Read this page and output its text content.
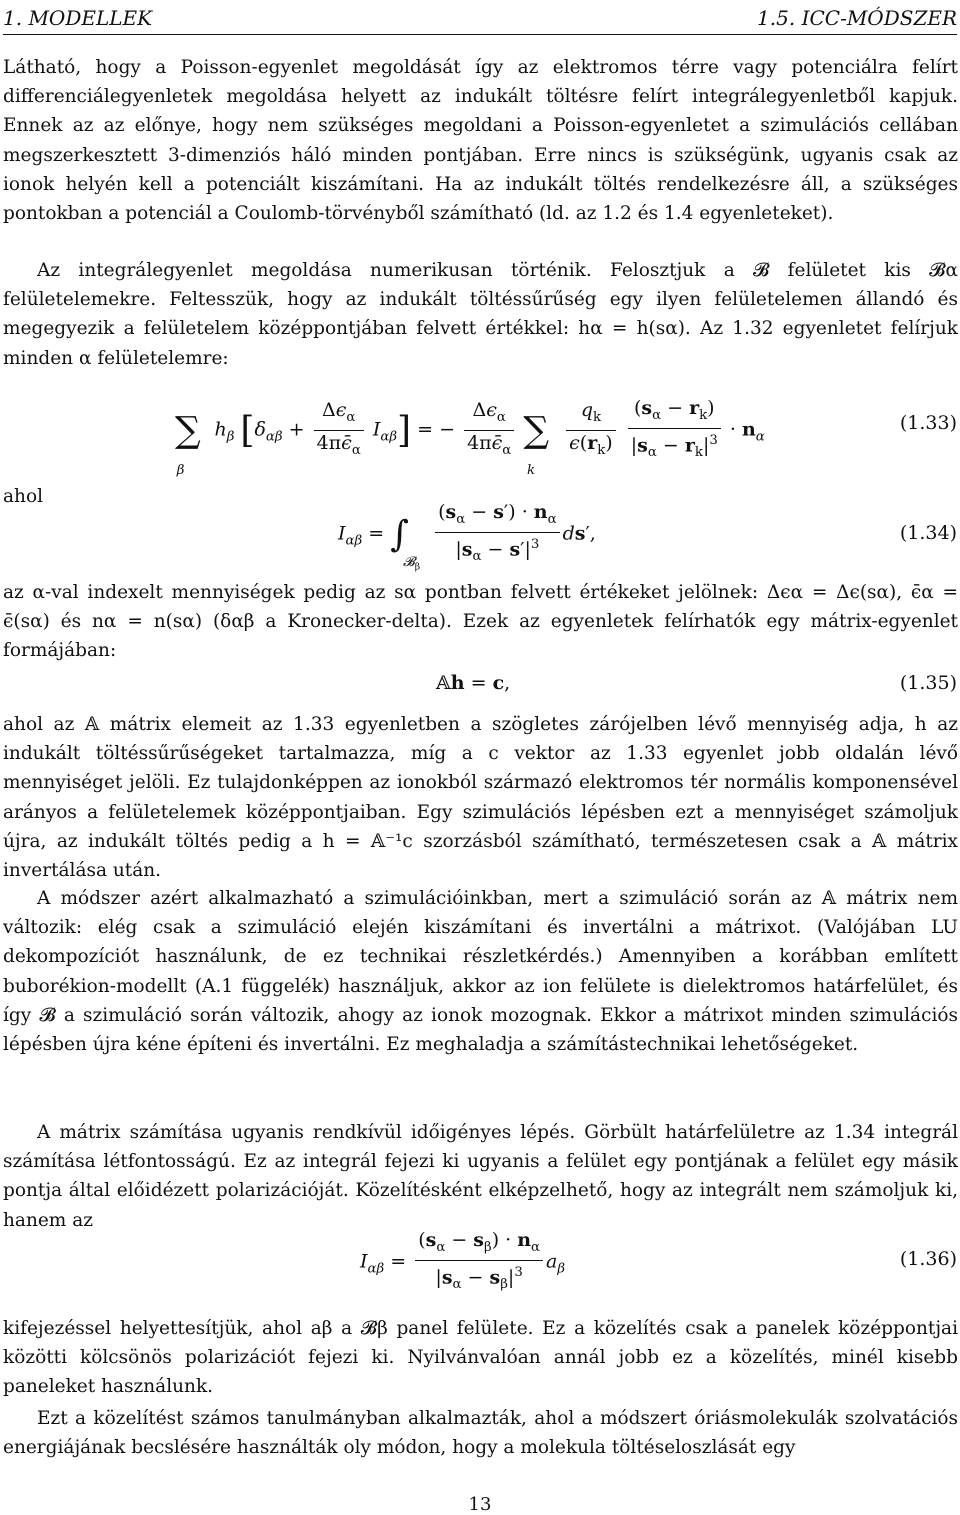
1. MODELLEK	1.5. ICC-MÓDSZER

Látható, hogy a Poisson-egyenlet megoldását így az elektromos térre vagy potenciálra felírt differenciálegyenletek megoldása helyett az indukált töltésre felírt integrálegyenletből kapjuk. Ennek az az előnye, hogy nem szükséges megoldani a Poisson-egyenletet a szimulációs cellában megszerkesztett 3-dimenziós háló minden pontjában. Erre nincs is szükségünk, ugyanis csak az ionok helyén kell a potenciált kiszámítani. Ha az indukált töltés rendelkezésre áll, a szükséges pontokban a potenciál a Coulomb-törvényből számítható (ld. az 1.2 és 1.4 egyenleteket).

Az integrálegyenlet megoldása numerikusan történik. Felosztjuk a 𝓑 felületet kis 𝓑α felületelemekre. Feltesszük, hogy az indukált töltéssűrűség egy ilyen felületelemen állandó és megegyezik a felületelem középpontjában felvett értékkel: hα = h(sα). Az 1.32 egyenletet felírjuk minden α felületelemre:

$\sum_\beta$ $h_\beta$ $[\delta_{\alpha\beta} + \frac{\Delta\epsilon_\alpha}{4\pi\epsilon̄_\alpha} I_{\alpha\beta}]$ = − $\frac{\Delta\epsilon_\alpha}{4\pi\epsilon̄_\alpha} \sum_k$
$\frac{q_k}{\epsilon(r_k)}$
$\frac{(s_\alpha - r_k)}{|s_\alpha - r_k|^3} \cdot n_\alpha$
(1.33)

ahol

$I_{\alpha\beta} = \int_{𝓑_\beta} \frac{(s_\alpha - s') \cdot n_\alpha}{|s_\alpha - s'|^3} ds'$,	(1.34)

az α-val indexelt mennyiségek pedig az sα pontban felvett értékeket jelölnek: Δϵα = Δϵ(sα), ϵ̄α = ϵ̄(sα) és nα = n(sα) (δαβ a Kronecker-delta). Ezek az egyenletek felírhatók egy mátrix-egyenlet formájában:

𝔸h = c,	(1.35)

ahol az 𝔸 mátrix elemeit az 1.33 egyenletben a szögletes zárójelben lévő mennyiség adja, h az indukált töltéssűrűségeket tartalmazza, míg a c vektor az 1.33 egyenlet jobb oldalán lévő mennyiséget jelöli. Ez tulajdonképpen az ionokból származó elektromos tér normális komponensével arányos a felületelemek középpontjaiban. Egy szimulációs lépésben ezt a mennyiséget számoljuk újra, az indukált töltés pedig a h = 𝔸⁻¹c szorzásból számítható, természetesen csak a 𝔸 mátrix invertálása után.

A módszer azért alkalmazható a szimulációinkban, mert a szimuláció során az 𝔸 mátrix nem változik: elég csak a szimuláció elején kiszámítani és invertálni a mátrixot. (Valójában LU dekompozíciót használunk, de ez technikai részletkérdés.) Amennyiben a korábban említett buborékion-modellt (A.1 függelék) használjuk, akkor az ion felülete is dielektromos határfelület, és így 𝓑 a szimuláció során változik, ahogy az ionok mozognak. Ekkor a mátrixot minden szimulációs lépésben újra kéne építeni és invertálni. Ez meghaladja a számítástechnikai lehetőségeket.

A mátrix számítása ugyanis rendkívül időigényes lépés. Görbült határfelületre az 1.34 integrál számítása létfontosságú. Ez az integrál fejezi ki ugyanis a felület egy pontjának a felület egy másik pontja által előidézett polarizációját. Közelítésként elképzelhető, hogy az integrált nem számoljuk ki, hanem az

$I_{\alpha\beta} = \frac{(s_\alpha - s_\beta) \cdot n_\alpha}{|s_\alpha - s_\beta|^3} a_\beta$	(1.36)

kifejezéssel helyettesítjük, ahol aβ a 𝓑β panel felülete. Ez a közelítés csak a panelek középpontjai közötti kölcsönös polarizációt fejezi ki. Nyilvánvalóan annál jobb ez a közelítés, minél kisebb paneleket használunk.

Ezt a közelítést számos tanulmányban alkalmazták, ahol a módszert óriásmolekulák szolvatációs energiájának becslésére használták oly módon, hogy a molekula töltéseloszlását egy

13
